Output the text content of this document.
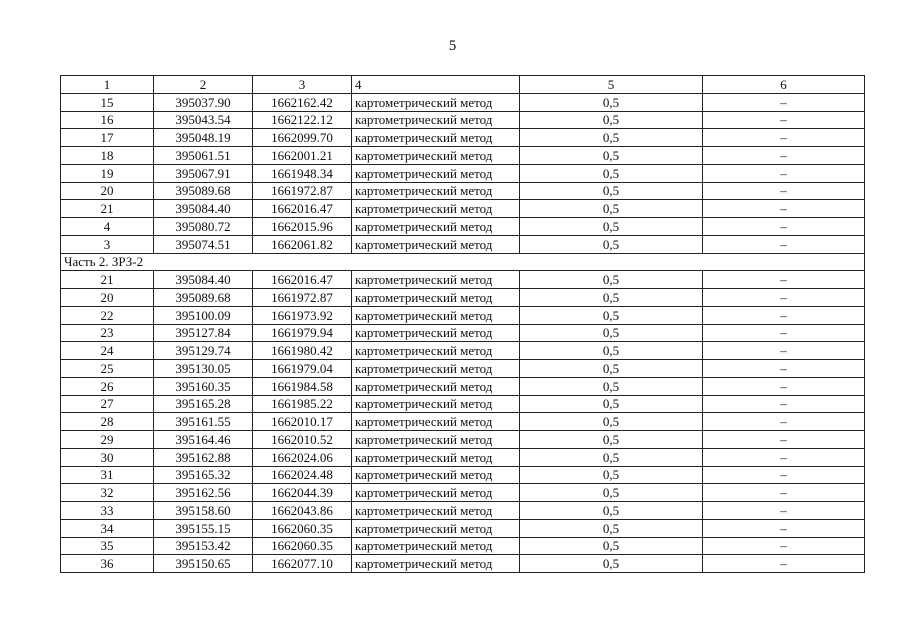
5
1	2	3	4	5	6
15	395037.90	1662162.42	картометрический метод	0,5	–
16	395043.54	1662122.12	картометрический метод	0,5	–
17	395048.19	1662099.70	картометрический метод	0,5	–
18	395061.51	1662001.21	картометрический метод	0,5	–
19	395067.91	1661948.34	картометрический метод	0,5	–
20	395089.68	1661972.87	картометрический метод	0,5	–
21	395084.40	1662016.47	картометрический метод	0,5	–
4	395080.72	1662015.96	картометрический метод	0,5	–
3	395074.51	1662061.82	картометрический метод	0,5	–
Часть 2. ЗРЗ-2					
21	395084.40	1662016.47	картометрический метод	0,5	–
20	395089.68	1661972.87	картометрический метод	0,5	–
22	395100.09	1661973.92	картометрический метод	0,5	–
23	395127.84	1661979.94	картометрический метод	0,5	–
24	395129.74	1661980.42	картометрический метод	0,5	–
25	395130.05	1661979.04	картометрический метод	0,5	–
26	395160.35	1661984.58	картометрический метод	0,5	–
27	395165.28	1661985.22	картометрический метод	0,5	–
28	395161.55	1662010.17	картометрический метод	0,5	–
29	395164.46	1662010.52	картометрический метод	0,5	–
30	395162.88	1662024.06	картометрический метод	0,5	–
31	395165.32	1662024.48	картометрический метод	0,5	–
32	395162.56	1662044.39	картометрический метод	0,5	–
33	395158.60	1662043.86	картометрический метод	0,5	–
34	395155.15	1662060.35	картометрический метод	0,5	–
35	395153.42	1662060.35	картометрический метод	0,5	–
36	395150.65	1662077.10	картометрический метод	0,5	–
